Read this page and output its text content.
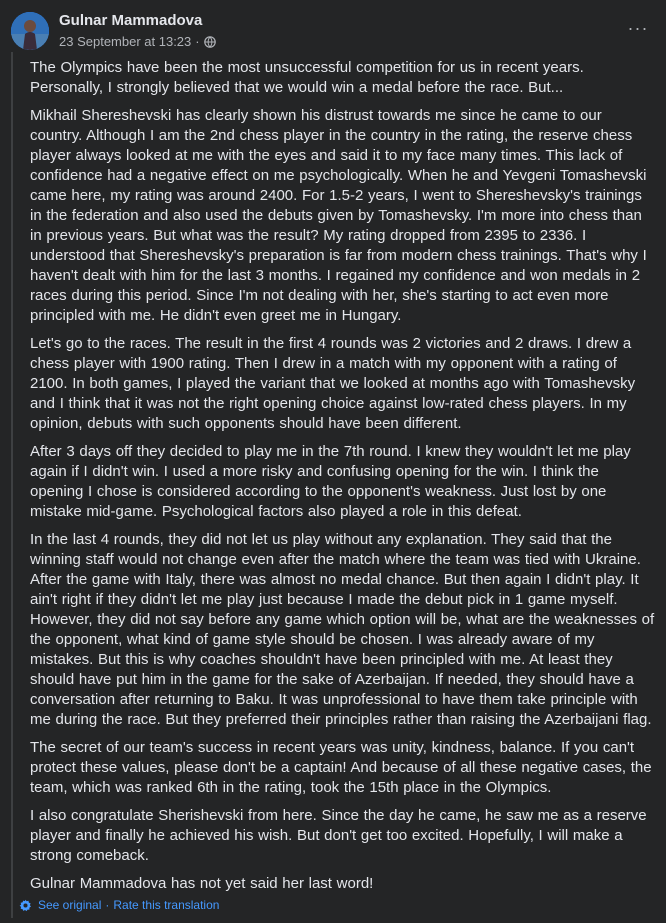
Gulnar Mammadova
23 September at 13:23 ·
···

The Olympics have been the most unsuccessful competition for us in recent years. Personally, I strongly believed that we would win a medal before the race. But...

Mikhail Shereshevski has clearly shown his distrust towards me since he came to our country. Although I am the 2nd chess player in the country in the rating, the reserve chess player always looked at me with the eyes and said it to my face many times. This lack of confidence had a negative effect on me psychologically. When he and Yevgeni Tomashevski came here, my rating was around 2400. For 1.5-2 years, I went to Shereshevsky's trainings in the federation and also used the debuts given by Tomashevsky. I'm more into chess than in previous years. But what was the result? My rating dropped from 2395 to 2336. I understood that Shereshevsky's preparation is far from modern chess trainings. That's why I haven't dealt with him for the last 3 months. I regained my confidence and won medals in 2 races during this period. Since I'm not dealing with her, she's starting to act even more principled with me. He didn't even greet me in Hungary.

Let's go to the races. The result in the first 4 rounds was 2 victories and 2 draws. I drew a chess player with 1900 rating. Then I drew in a match with my opponent with a rating of 2100. In both games, I played the variant that we looked at months ago with Tomashevsky and I think that it was not the right opening choice against low-rated chess players. In my opinion, debuts with such opponents should have been different.

After 3 days off they decided to play me in the 7th round. I knew they wouldn't let me play again if I didn't win. I used a more risky and confusing opening for the win. I think the opening I chose is considered according to the opponent's weakness. Just lost by one mistake mid-game. Psychological factors also played a role in this defeat.

In the last 4 rounds, they did not let us play without any explanation. They said that the winning staff would not change even after the match where the team was tied with Ukraine. After the game with Italy, there was almost no medal chance. But then again I didn't play. It ain't right if they didn't let me play just because I made the debut pick in 1 game myself. However, they did not say before any game which option will be, what are the weaknesses of the opponent, what kind of game style should be chosen. I was already aware of my mistakes. But this is why coaches shouldn't have been principled with me. At least they should have put him in the game for the sake of Azerbaijan. If needed, they should have a conversation after returning to Baku. It was unprofessional to have them take principle with me during the race. But they preferred their principles rather than raising the Azerbaijani flag.

The secret of our team's success in recent years was unity, kindness, balance. If you can't protect these values, please don't be a captain! And because of all these negative cases, the team, which was ranked 6th in the rating, took the 15th place in the Olympics.

I also congratulate Sherishevski from here. Since the day he came, he saw me as a reserve player and finally he achieved his wish. But don't get too excited. Hopefully, I will make a strong comeback.

Gulnar Mammadova has not yet said her last word!

See original · Rate this translation
